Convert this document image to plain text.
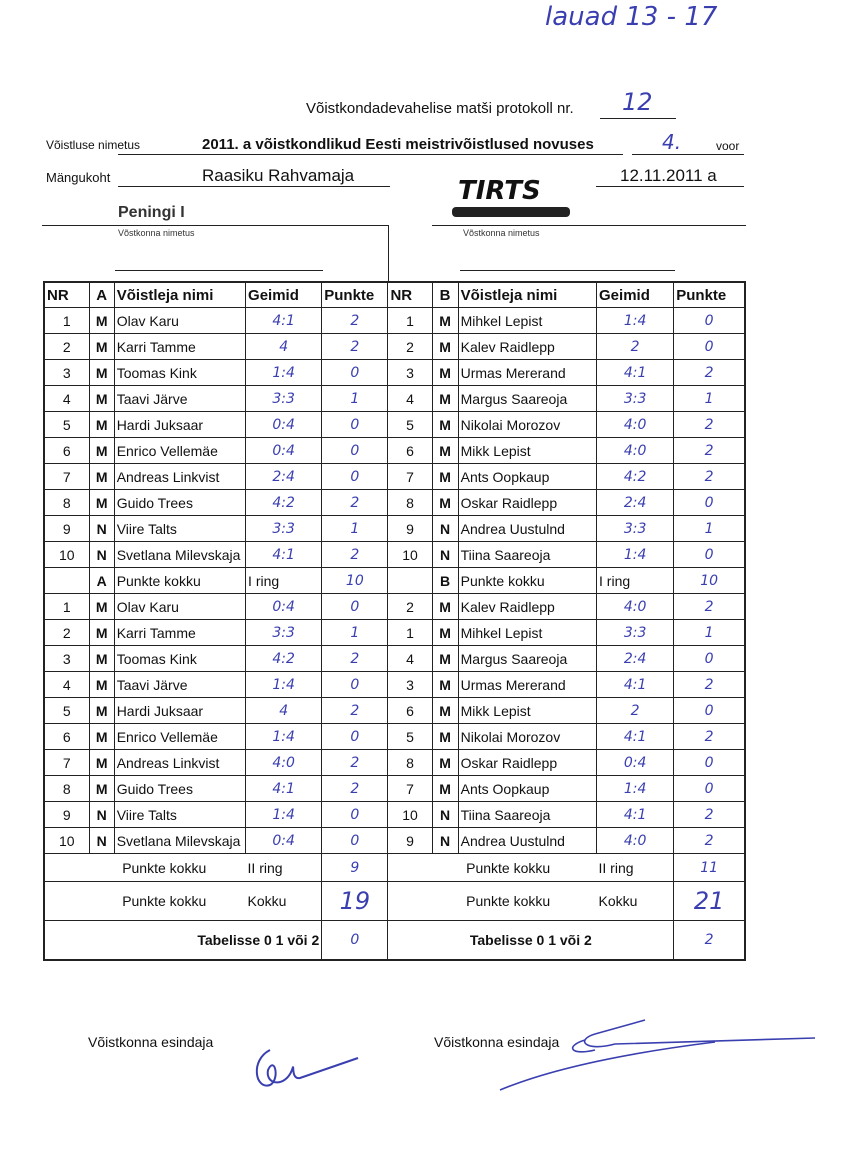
lauad 13 - 17
Võistkondadevahelise matši protokoll nr. 12
Võistluse nimetus	2011. a võistkondlikud Eesti meistrivõistlused novuses	4.	voor
Mängukoht	Raasiku Rahvamaja	12.11.2011 a
Peningi I
TIRTS
Võstkonna nimetus	Võstkonna nimetus
NR	A	Võistleja nimi	Geimid	Punkte	NR	B	Võistleja nimi	Geimid	Punkte
1	M	Olav Karu	4:1	2	1	M	Mihkel Lepist	1:4	0
2	M	Karri Tamme	4	2	2	M	Kalev Raidlepp	2	0
3	M	Toomas Kink	1:4	0	3	M	Urmas Mererand	4:1	2
4	M	Taavi Järve	3:3	1	4	M	Margus Saareoja	3:3	1
5	M	Hardi Juksaar	0:4	0	5	M	Nikolai Morozov	4:0	2
6	M	Enrico Vellemäe	0:4	0	6	M	Mikk Lepist	4:0	2
7	M	Andreas Linkvist	2:4	0	7	M	Ants Oopkaup	4:2	2
8	M	Guido Trees	4:2	2	8	M	Oskar Raidlepp	2:4	0
9	N	Viire Talts	3:3	1	9	N	Andrea Uustulnd	3:3	1
10	N	Svetlana Milevskaja	4:1	2	10	N	Tiina Saareoja	1:4	0
	A	Punkte kokku	I ring	10		B	Punkte kokku	I ring	10
1	M	Olav Karu	0:4	0	2	M	Kalev Raidlepp	4:0	2
2	M	Karri Tamme	3:3	1	1	M	Mihkel Lepist	3:3	1
3	M	Toomas Kink	4:2	2	4	M	Margus Saareoja	2:4	0
4	M	Taavi Järve	1:4	0	3	M	Urmas Mererand	4:1	2
5	M	Hardi Juksaar	4	2	6	M	Mikk Lepist	2	0
6	M	Enrico Vellemäe	1:4	0	5	M	Nikolai Morozov	4:1	2
7	M	Andreas Linkvist	4:0	2	8	M	Oskar Raidlepp	0:4	0
8	M	Guido Trees	4:1	2	7	M	Ants Oopkaup	1:4	0
9	N	Viire Talts	1:4	0	10	N	Tiina Saareoja	4:1	2
10	N	Svetlana Milevskaja	0:4	0	9	N	Andrea Uustulnd	4:0	2
		Punkte kokku	II ring	9			Punkte kokku	II ring	11
		Punkte kokku	Kokku	19			Punkte kokku	Kokku	21
Tabelisse 0 1 või 2				0	Tabelisse 0 1 või 2				2
Võistkonna esindaja	Võistkonna esindaja
